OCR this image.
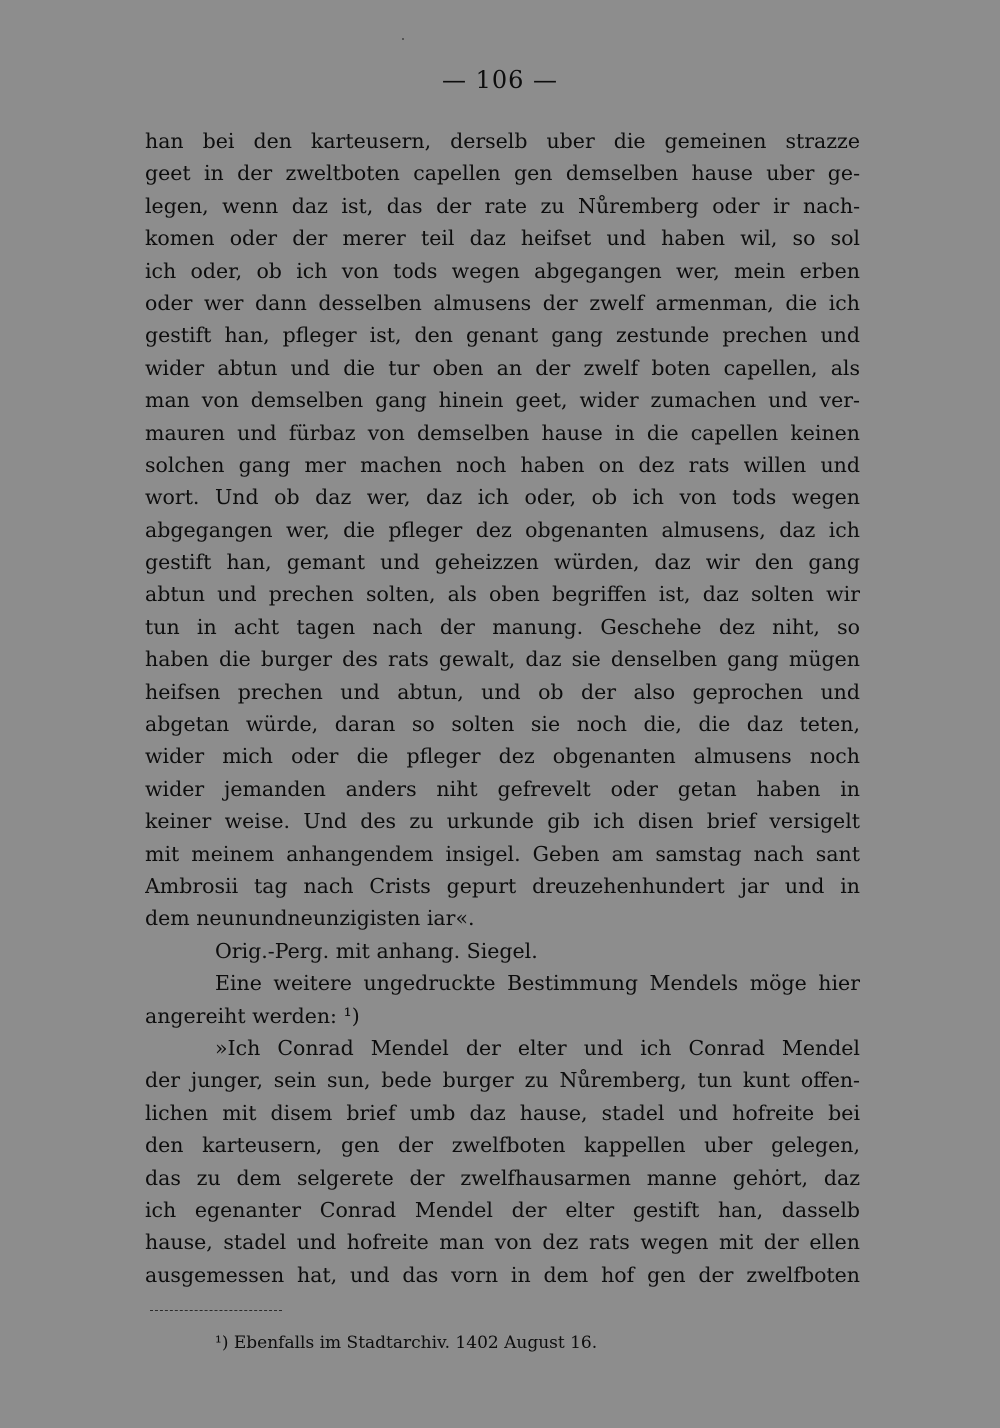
— 106 —
han bei den karteusern, derselb uber die gemeinen strazze
geet in der zweltboten capellen gen demselben hause uber ge-
legen, wenn daz ist, das der rate zu Nůremberg oder ir nach-
komen oder der merer teil daz heifset und haben wil, so sol
ich oder, ob ich von tods wegen abgegangen wer, mein erben
oder wer dann desselben almusens der zwelf armenman, die ich
gestift han, pfleger ist, den genant gang zestunde prechen und
wider abtun und die tur oben an der zwelf boten capellen, als
man von demselben gang hinein geet, wider zumachen und ver-
mauren und fürbaz von demselben hause in die capellen keinen
solchen gang mer machen noch haben on dez rats willen und
wort. Und ob daz wer, daz ich oder, ob ich von tods wegen
abgegangen wer, die pfleger dez obgenanten almusens, daz ich
gestift han, gemant und geheizzen würden, daz wir den gang
abtun und prechen solten, als oben begriffen ist, daz solten wir
tun in acht tagen nach der manung. Geschehe dez niht, so
haben die burger des rats gewalt, daz sie denselben gang mügen
heifsen prechen und abtun, und ob der also geprochen und
abgetan würde, daran so solten sie noch die, die daz teten,
wider mich oder die pfleger dez obgenanten almusens noch
wider jemanden anders niht gefrevelt oder getan haben in
keiner weise. Und des zu urkunde gib ich disen brief versigelt
mit meinem anhangendem insigel. Geben am samstag nach sant
Ambrosii tag nach Crists gepurt dreuzehenhundert jar und in
dem neunundneunzigisten iar«.
Orig.-Perg. mit anhang. Siegel.
Eine weitere ungedruckte Bestimmung Mendels möge hier
angereiht werden: ¹)
»Ich Conrad Mendel der elter und ich Conrad Mendel
der junger, sein sun, bede burger zu Nůremberg, tun kunt offen-
lichen mit disem brief umb daz hause, stadel und hofreite bei
den karteusern, gen der zwelfboten kappellen uber gelegen,
das zu dem selgerete der zwelfhausarmen manne gehȯrt, daz
ich egenanter Conrad Mendel der elter gestift han, dasselb
hause, stadel und hofreite man von dez rats wegen mit der ellen
ausgemessen hat, und das vorn in dem hof gen der zwelfboten
¹) Ebenfalls im Stadtarchiv. 1402 August 16.
